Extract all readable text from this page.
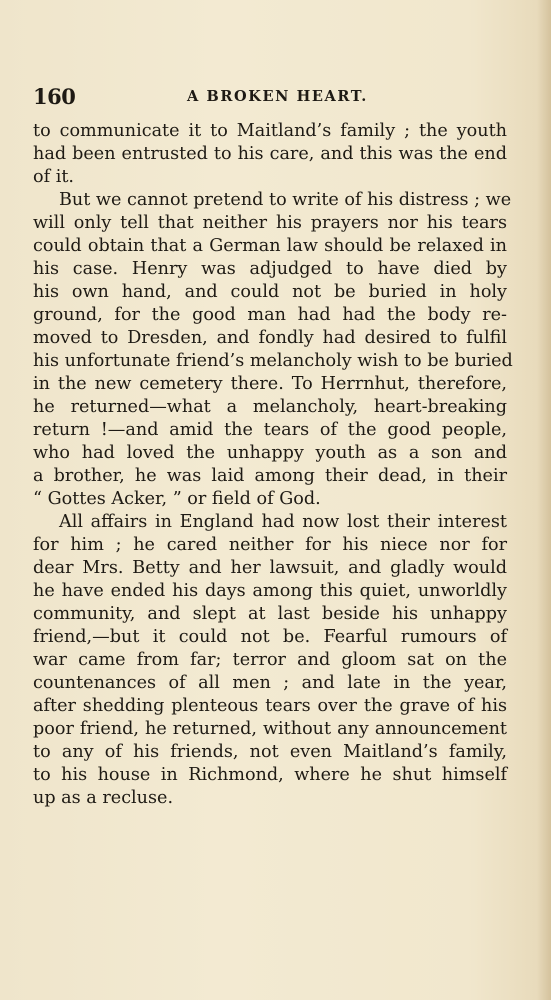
160	A BROKEN HEART.
to communicate it to Maitland’s family ; the youth
had been entrusted to his care, and this was the end
of it.
But we cannot pretend to write of his distress ; we
will only tell that neither his prayers nor his tears
could obtain that a German law should be relaxed in
his case. Henry was adjudged to have died by
his own hand, and could not be buried in holy
ground, for the good man had had the body re-
moved to Dresden, and fondly had desired to fulfil
his unfortunate friend’s melancholy wish to be buried
in the new cemetery there. To Herrnhut, therefore,
he returned—what a melancholy, heart-breaking
return !—and amid the tears of the good people,
who had loved the unhappy youth as a son and
a brother, he was laid among their dead, in their
“ Gottes Acker, ” or field of God.
All affairs in England had now lost their interest
for him ; he cared neither for his niece nor for
dear Mrs. Betty and her lawsuit, and gladly would
he have ended his days among this quiet, unworldly
community, and slept at last beside his unhappy
friend,—but it could not be. Fearful rumours of
war came from far; terror and gloom sat on the
countenances of all men ; and late in the year,
after shedding plenteous tears over the grave of his
poor friend, he returned, without any announcement
to any of his friends, not even Maitland’s family,
to his house in Richmond, where he shut himself
up as a recluse.
